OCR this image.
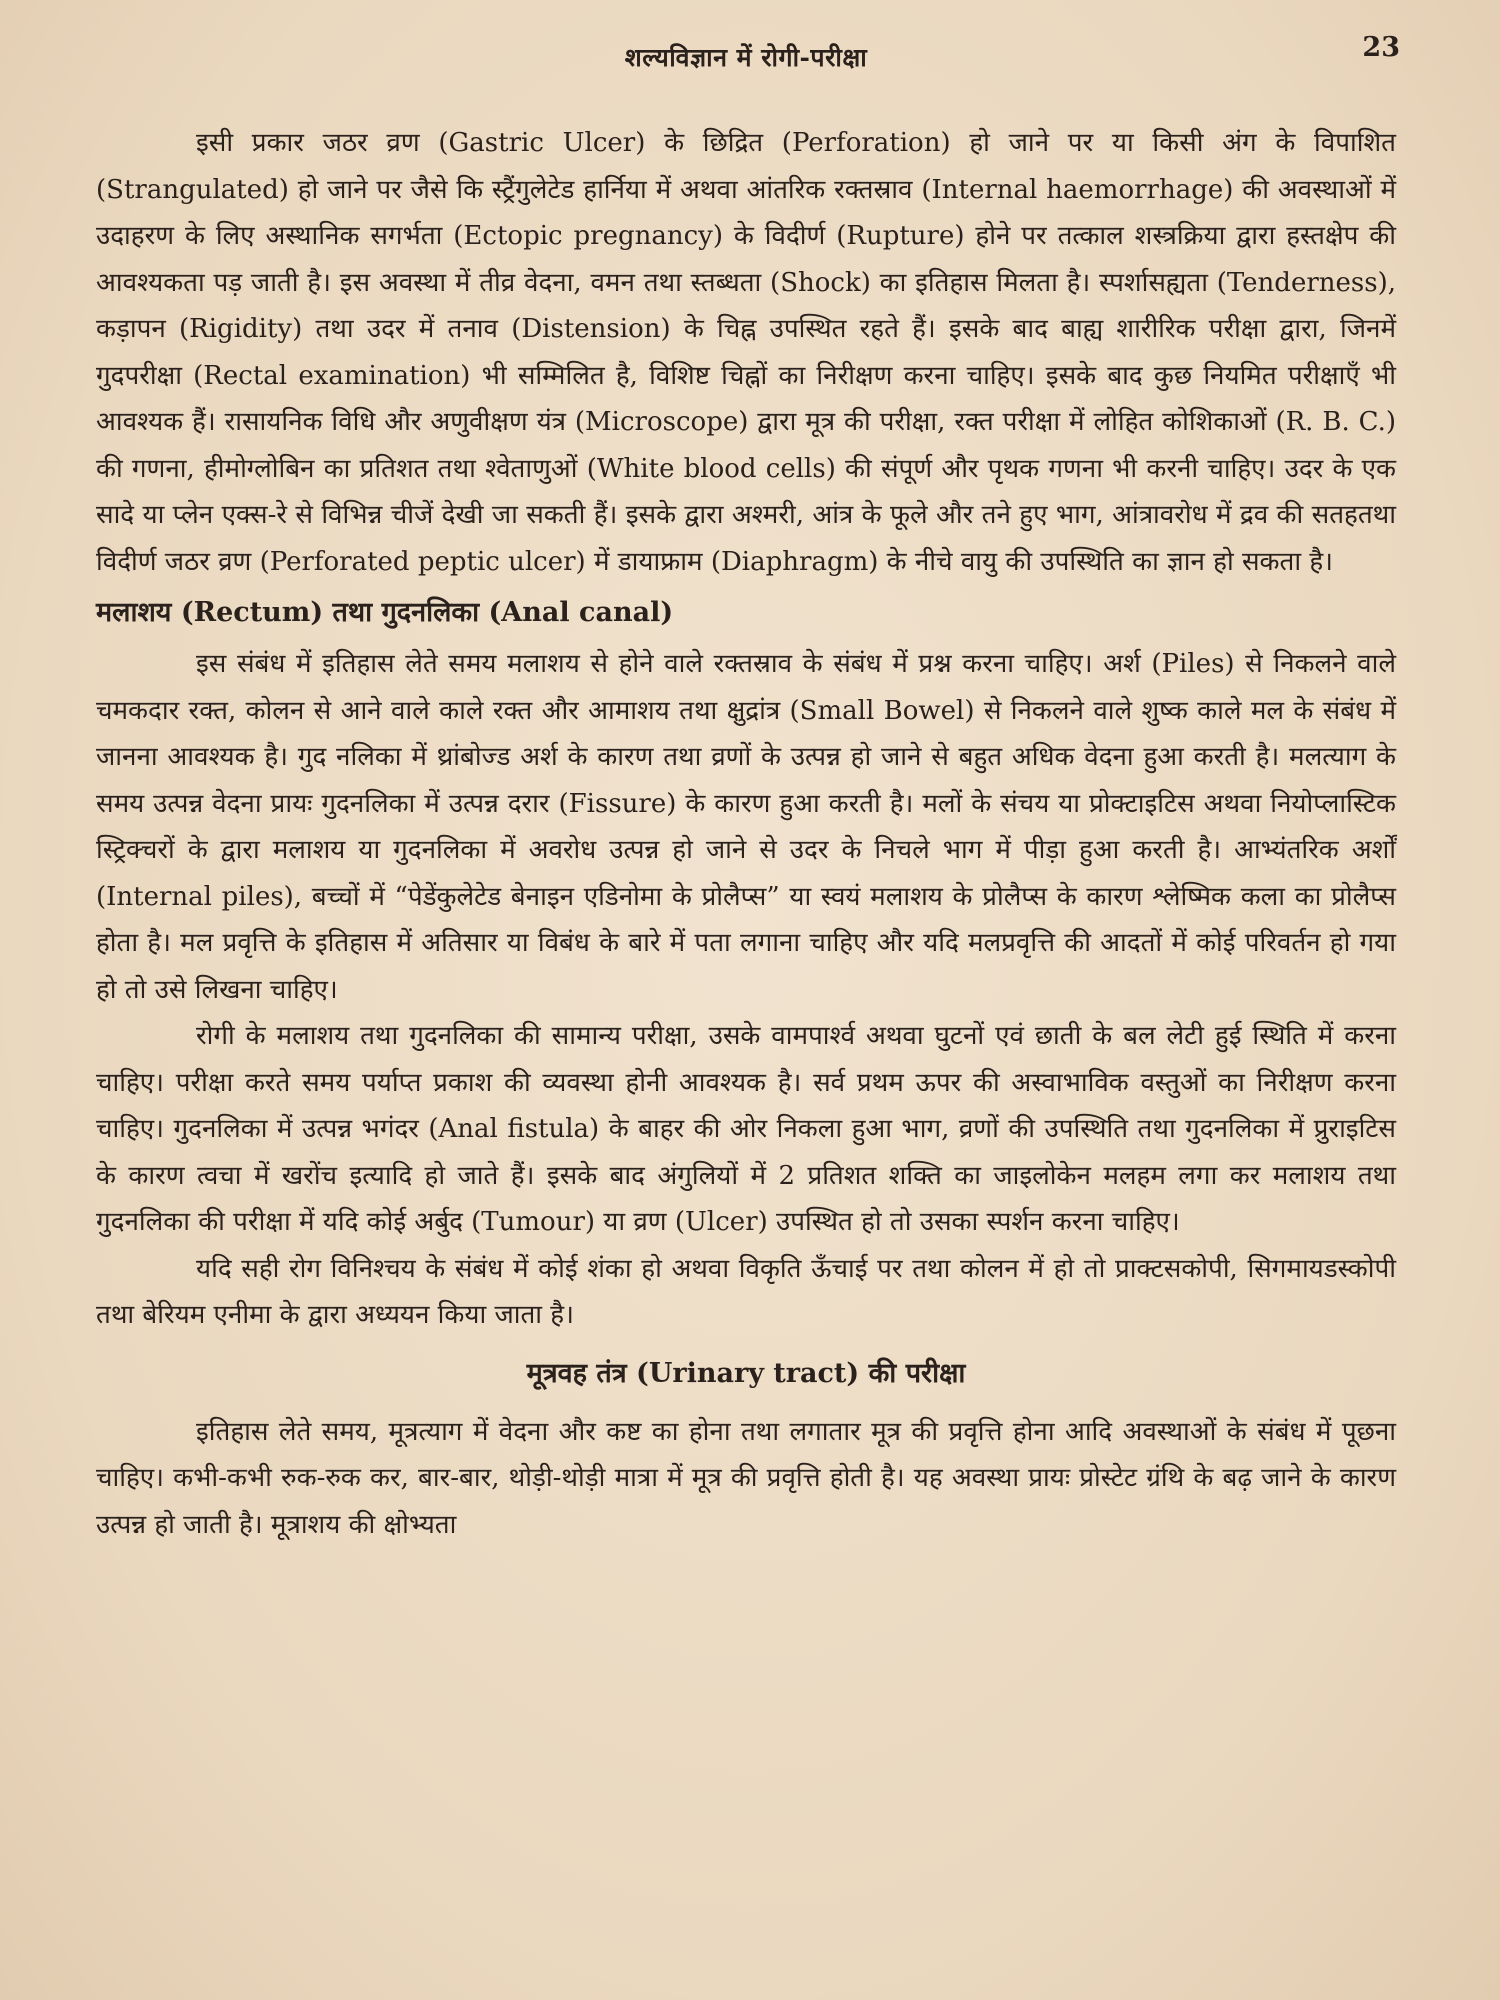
शल्यविज्ञान में रोगी-परीक्षा	23

इसी प्रकार जठर व्रण (Gastric Ulcer) के छिद्रित (Perforation) हो जाने पर या किसी अंग के विपाशित (Strangulated) हो जाने पर जैसे कि स्ट्रैंगुलेटेड हार्निया में अथवा आंतरिक रक्तस्राव (Internal haemorrhage) की अवस्थाओं में उदाहरण के लिए अस्थानिक सगर्भता (Ectopic pregnancy) के विदीर्ण (Rupture) होने पर तत्काल शस्त्रक्रिया द्वारा हस्तक्षेप की आवश्यकता पड़ जाती है। इस अवस्था में तीव्र वेदना, वमन तथा स्तब्धता (Shock) का इतिहास मिलता है। स्पर्शासह्यता (Tenderness), कड़ापन (Rigidity) तथा उदर में तनाव (Distension) के चिह्न उपस्थित रहते हैं। इसके बाद बाह्य शारीरिक परीक्षा द्वारा, जिनमें गुदपरीक्षा (Rectal examination) भी सम्मिलित है, विशिष्ट चिह्नों का निरीक्षण करना चाहिए। इसके बाद कुछ नियमित परीक्षाएँ भी आवश्यक हैं। रासायनिक विधि और अणुवीक्षण यंत्र (Microscope) द्वारा मूत्र की परीक्षा, रक्त परीक्षा में लोहित कोशिकाओं (R. B. C.) की गणना, हीमोग्लोबिन का प्रतिशत तथा श्वेताणुओं (White blood cells) की संपूर्ण और पृथक गणना भी करनी चाहिए। उदर के एक सादे या प्लेन एक्स-रे से विभिन्न चीजें देखी जा सकती हैं। इसके द्वारा अश्मरी, आंत्र के फूले और तने हुए भाग, आंत्रावरोध में द्रव की सतहतथा विदीर्ण जठर व्रण (Perforated peptic ulcer) में डायाफ्राम (Diaphragm) के नीचे वायु की उपस्थिति का ज्ञान हो सकता है।

मलाशय (Rectum) तथा गुदनलिका (Anal canal)

इस संबंध में इतिहास लेते समय मलाशय से होने वाले रक्तस्राव के संबंध में प्रश्न करना चाहिए। अर्श (Piles) से निकलने वाले चमकदार रक्त, कोलन से आने वाले काले रक्त और आमाशय तथा क्षुद्रांत्र (Small Bowel) से निकलने वाले शुष्क काले मल के संबंध में जानना आवश्यक है। गुद नलिका में थ्रांबोज्ड अर्श के कारण तथा व्रणों के उत्पन्न हो जाने से बहुत अधिक वेदना हुआ करती है। मलत्याग के समय उत्पन्न वेदना प्रायः गुदनलिका में उत्पन्न दरार (Fissure) के कारण हुआ करती है। मलों के संचय या प्रोक्टाइटिस अथवा नियोप्लास्टिक स्ट्रिक्चरों के द्वारा मलाशय या गुदनलिका में अवरोध उत्पन्न हो जाने से उदर के निचले भाग में पीड़ा हुआ करती है। आभ्यंतरिक अर्शों (Internal piles), बच्चों में “पेडेंकुलेटेड बेनाइन एडिनोमा के प्रोलैप्स” या स्वयं मलाशय के प्रोलैप्स के कारण श्लेष्मिक कला का प्रोलैप्स होता है। मल प्रवृत्ति के इतिहास में अतिसार या विबंध के बारे में पता लगाना चाहिए और यदि मलप्रवृत्ति की आदतों में कोई परिवर्तन हो गया हो तो उसे लिखना चाहिए।

रोगी के मलाशय तथा गुदनलिका की सामान्य परीक्षा, उसके वामपार्श्व अथवा घुटनों एवं छाती के बल लेटी हुई स्थिति में करना चाहिए। परीक्षा करते समय पर्याप्त प्रकाश की व्यवस्था होनी आवश्यक है। सर्व प्रथम ऊपर की अस्वाभाविक वस्तुओं का निरीक्षण करना चाहिए। गुदनलिका में उत्पन्न भगंदर (Anal fistula) के बाहर की ओर निकला हुआ भाग, व्रणों की उपस्थिति तथा गुदनलिका में प्रुराइटिस के कारण त्वचा में खरोंच इत्यादि हो जाते हैं। इसके बाद अंगुलियों में 2 प्रतिशत शक्ति का जाइलोकेन मलहम लगा कर मलाशय तथा गुदनलिका की परीक्षा में यदि कोई अर्बुद (Tumour) या व्रण (Ulcer) उपस्थित हो तो उसका स्पर्शन करना चाहिए।

यदि सही रोग विनिश्चय के संबंध में कोई शंका हो अथवा विकृति ऊँचाई पर तथा कोलन में हो तो प्राक्टसकोपी, सिगमायडस्कोपी तथा बेरियम एनीमा के द्वारा अध्ययन किया जाता है।

मूत्रवह तंत्र (Urinary tract) की परीक्षा

इतिहास लेते समय, मूत्रत्याग में वेदना और कष्ट का होना तथा लगातार मूत्र की प्रवृत्ति होना आदि अवस्थाओं के संबंध में पूछना चाहिए। कभी-कभी रुक-रुक कर, बार-बार, थोड़ी-थोड़ी मात्रा में मूत्र की प्रवृत्ति होती है। यह अवस्था प्रायः प्रोस्टेट ग्रंथि के बढ़ जाने के कारण उत्पन्न हो जाती है। मूत्राशय की क्षोभ्यता
